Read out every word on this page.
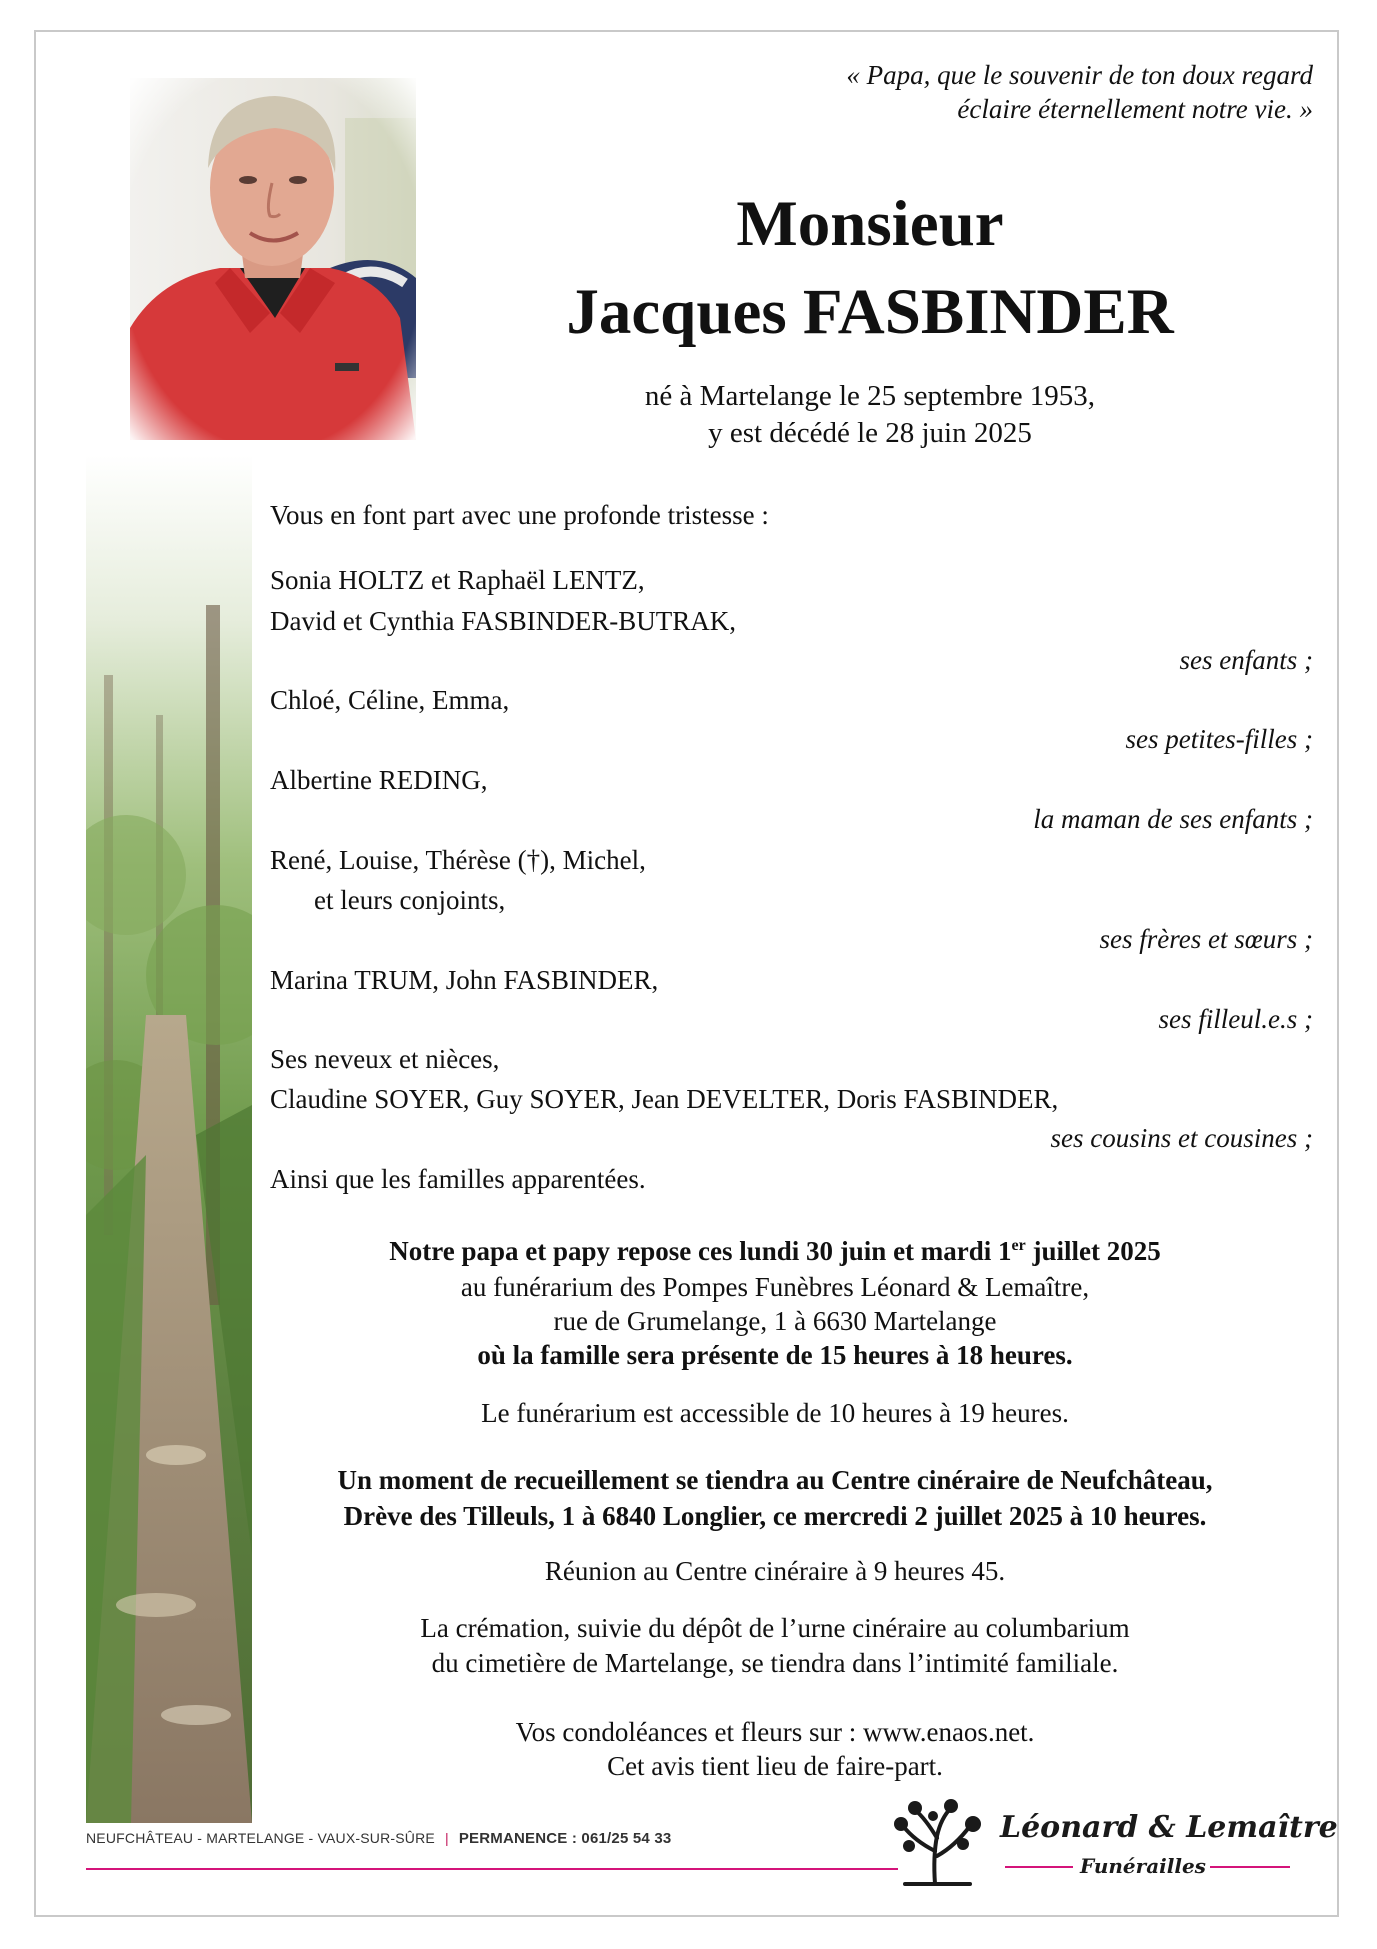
« Papa, que le souvenir de ton doux regard
éclaire éternellement notre vie. »
Monsieur
Jacques FASBINDER
né à Martelange le 25 septembre 1953,
y est décédé le 28 juin 2025
Vous en font part avec une profonde tristesse :
Sonia HOLTZ et Raphaël LENTZ,
David et Cynthia FASBINDER-BUTRAK,
ses enfants ;
Chloé, Céline, Emma,
ses petites-filles ;
Albertine REDING,
la maman de ses enfants ;
René, Louise, Thérèse (†), Michel,
et leurs conjoints,
ses frères et sœurs ;
Marina TRUM, John FASBINDER,
ses filleul.e.s ;
Ses neveux et nièces,
Claudine SOYER, Guy SOYER, Jean DEVELTER, Doris FASBINDER,
ses cousins et cousines ;
Ainsi que les familles apparentées.
Notre papa et papy repose ces lundi 30 juin et mardi 1er juillet 2025
au funérarium des Pompes Funèbres Léonard & Lemaître,
rue de Grumelange, 1 à 6630 Martelange
où la famille sera présente de 15 heures à 18 heures.
Le funérarium est accessible de 10 heures à 19 heures.
Un moment de recueillement se tiendra au Centre cinéraire de Neufchâteau,
Drève des Tilleuls, 1 à 6840 Longlier, ce mercredi 2 juillet 2025 à 10 heures.
Réunion au Centre cinéraire à 9 heures 45.
La crémation, suivie du dépôt de l’urne cinéraire au columbarium
du cimetière de Martelange, se tiendra dans l’intimité familiale.
Vos condoléances et fleurs sur : www.enaos.net.
Cet avis tient lieu de faire-part.
NEUFCHÂTEAU - MARTELANGE - VAUX-SUR-SÛRE | PERMANENCE : 061/25 54 33	Léonard & Lemaître
Funérailles
